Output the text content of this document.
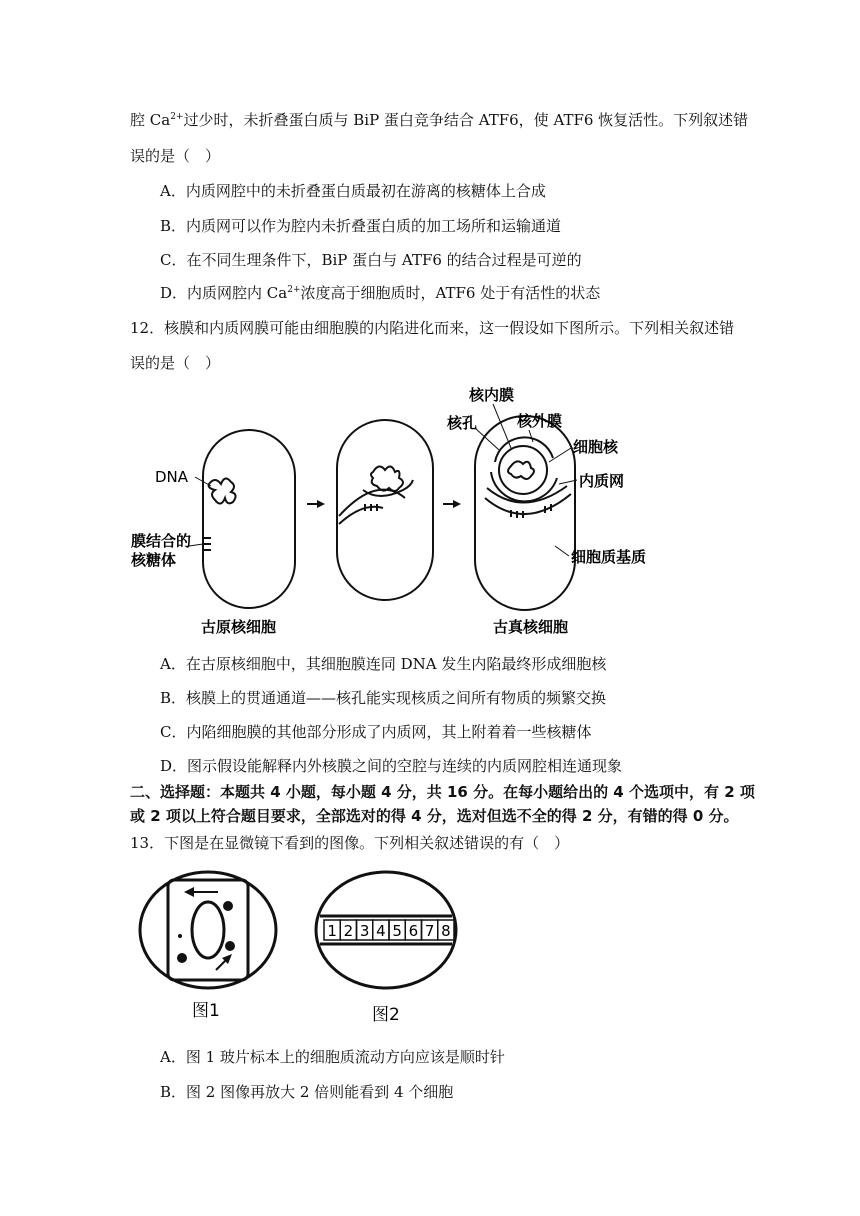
腔 $Ca^{2+}$过少时，未折叠蛋白质与 BiP 蛋白竞争结合 ATF6，使 ATF6 恢复活性。下列叙述错
误的是（　）
A．内质网腔中的未折叠蛋白质最初在游离的核糖体上合成
B．内质网可以作为腔内未折叠蛋白质的加工场所和运输通道
C．在不同生理条件下，BiP 蛋白与 ATF6 的结合过程是可逆的
D．内质网腔内 $Ca^{2+}$浓度高于细胞质时，ATF6 处于有活性的状态
12．核膜和内质网膜可能由细胞膜的内陷进化而来，这一假设如下图所示。下列相关叙述错
误的是（　）
DNA
膜结合的
核糖体
核内膜
核孔	核外膜
细胞核
内质网
细胞质基质
古原核细胞	古真核细胞
A．在古原核细胞中，其细胞膜连同 DNA 发生内陷最终形成细胞核
B．核膜上的贯通通道——核孔能实现核质之间所有物质的频繁交换
C．内陷细胞膜的其他部分形成了内质网，其上附着着一些核糖体
D．图示假设能解释内外核膜之间的空腔与连续的内质网腔相连通现象
二、选择题：本题共 4 小题，每小题 4 分，共 16 分。在每小题给出的 4 个选项中，有 2 项
或 2 项以上符合题目要求，全部选对的得 4 分，选对但选不全的得 2 分，有错的得 0 分。
13．下图是在显微镜下看到的图像。下列相关叙述错误的有（　）
图1
1 2 3 4 5 6 7 8
图2
A．图 1 玻片标本上的细胞质流动方向应该是顺时针
B．图 2 图像再放大 2 倍则能看到 4 个细胞
